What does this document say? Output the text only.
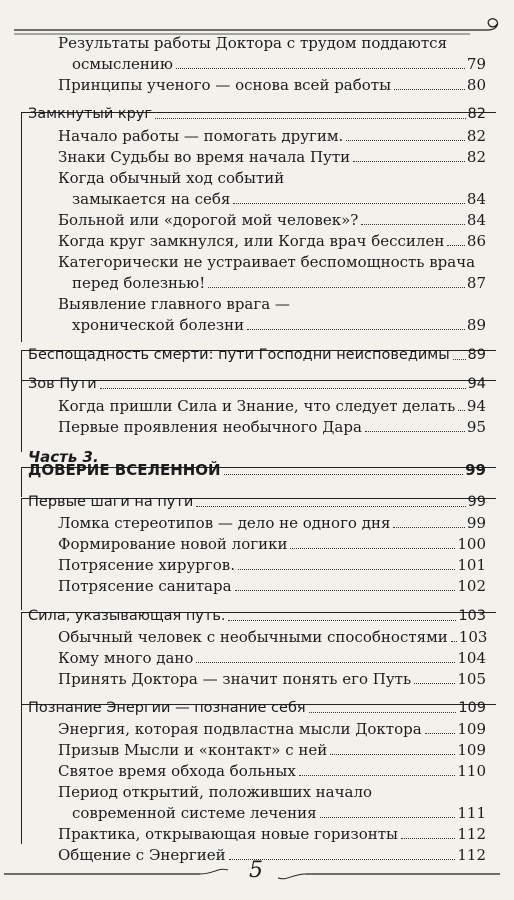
Часть 3.
Результаты работы Доктора с трудом поддаются
осмыслению	79
Принципы ученого — основа всей работы	80
Замкнутый круг	82
Начало работы — помогать другим.	82
Знаки Судьбы во время начала Пути	82
Когда обычный ход событий
замыкается на себя	84
Больной или «дорогой мой человек»?	84
Когда круг замкнулся, или Когда врач бессилен 86
Категорически не устраивает беспомощность врача
перед болезнью!	87
Выявление главного врага —
хронической болезни	89
Беспощадность смерти: пути Господни неисповедимы 89
Зов Пути	94
Когда пришли Сила и Знание, что следует делать 94
Первые проявления необычного Дара	95
ДОВЕРИЕ ВСЕЛЕННОЙ	99
Первые шаги на пути	99
Ломка стереотипов — дело не одного дня	99
Формирование новой логики	100
Потрясение хирургов.	101
Потрясение санитара	102
Сила, указывающая путь.	103
Обычный человек с необычными способностями 103
Кому много дано	104
Принять Доктора — значит понять его Путь	105
Познание Энергии — познание себя	109
Энергия, которая подвластна мысли Доктора 109
Призыв Мысли и «контакт» с ней	109
Святое время обхода больных	110
Период открытий, положивших начало
современной системе лечения	111
Практика, открывающая новые горизонты	112
Общение с Энергией	112
5
